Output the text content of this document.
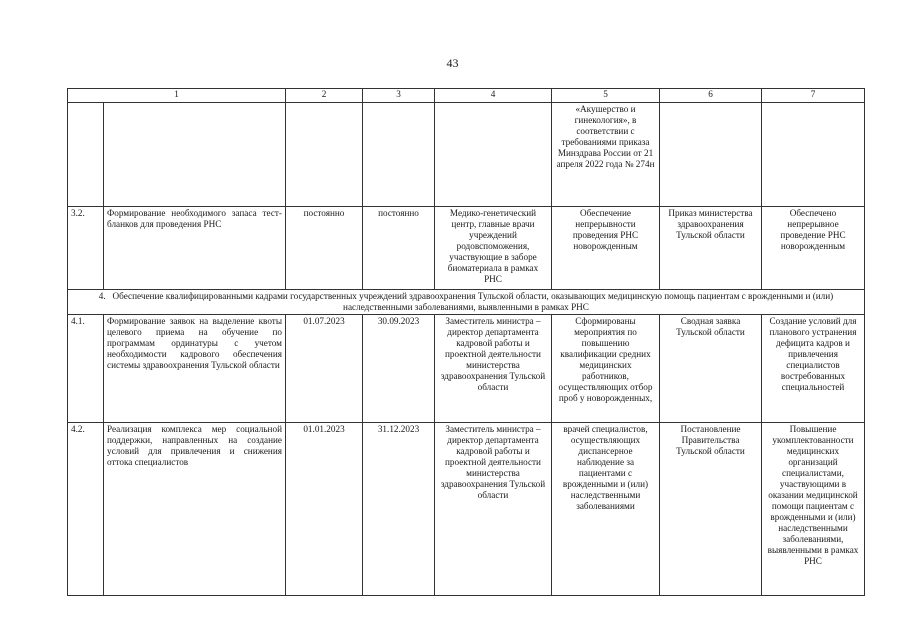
43
1		2	3	4	5	6	7
					«Акушерство и гинекология», в соответствии с требованиями приказа Минздрава России от 21 апреля 2022 года № 274н		
3.2.	Формирование необходимого запаса тест-бланков для проведения РНС	постоянно	постоянно	Медико-генетический центр, главные врачи учреждений родовспоможения, участвующие в заборе биоматериала в рамках РНС	Обеспечение непрерывности проведения РНС новорожденным	Приказ министерства здравоохранения Тульской области	Обеспечено непрерывное проведение РНС новорожденным
4. Обеспечение квалифицированными кадрами государственных учреждений здравоохранения Тульской области, оказывающих медицинскую помощь пациентам с врожденными и (или) наследственными заболеваниями, выявленными в рамках РНС							
4.1.	Формирование заявок на выделение квоты целевого приема на обучение по программам ординатуры с учетом необходимости кадрового обеспечения системы здравоохранения Тульской области	01.07.2023	30.09.2023	Заместитель министра – директор департамента кадровой работы и проектной деятельности министерства здравоохранения Тульской области	Сформированы мероприятия по повышению квалификации средних медицинских работников, осуществляющих отбор проб у новорожденных,	Сводная заявка Тульской области	Создание условий для планового устранения дефицита кадров и привлечения специалистов востребованных специальностей
4.2.	Реализация комплекса мер социальной поддержки, направленных на создание условий для привлечения и снижения оттока специалистов	01.01.2023	31.12.2023	Заместитель министра – директор департамента кадровой работы и проектной деятельности министерства здравоохранения Тульской области	врачей специалистов, осуществляющих диспансерное наблюдение за пациентами с врожденными и (или) наследственными заболеваниями	Постановление Правительства Тульской области	Повышение укомплектованности медицинских организаций специалистами, участвующими в оказании медицинской помощи пациентам с врожденными и (или) наследственными заболеваниями, выявленными в рамках РНС
